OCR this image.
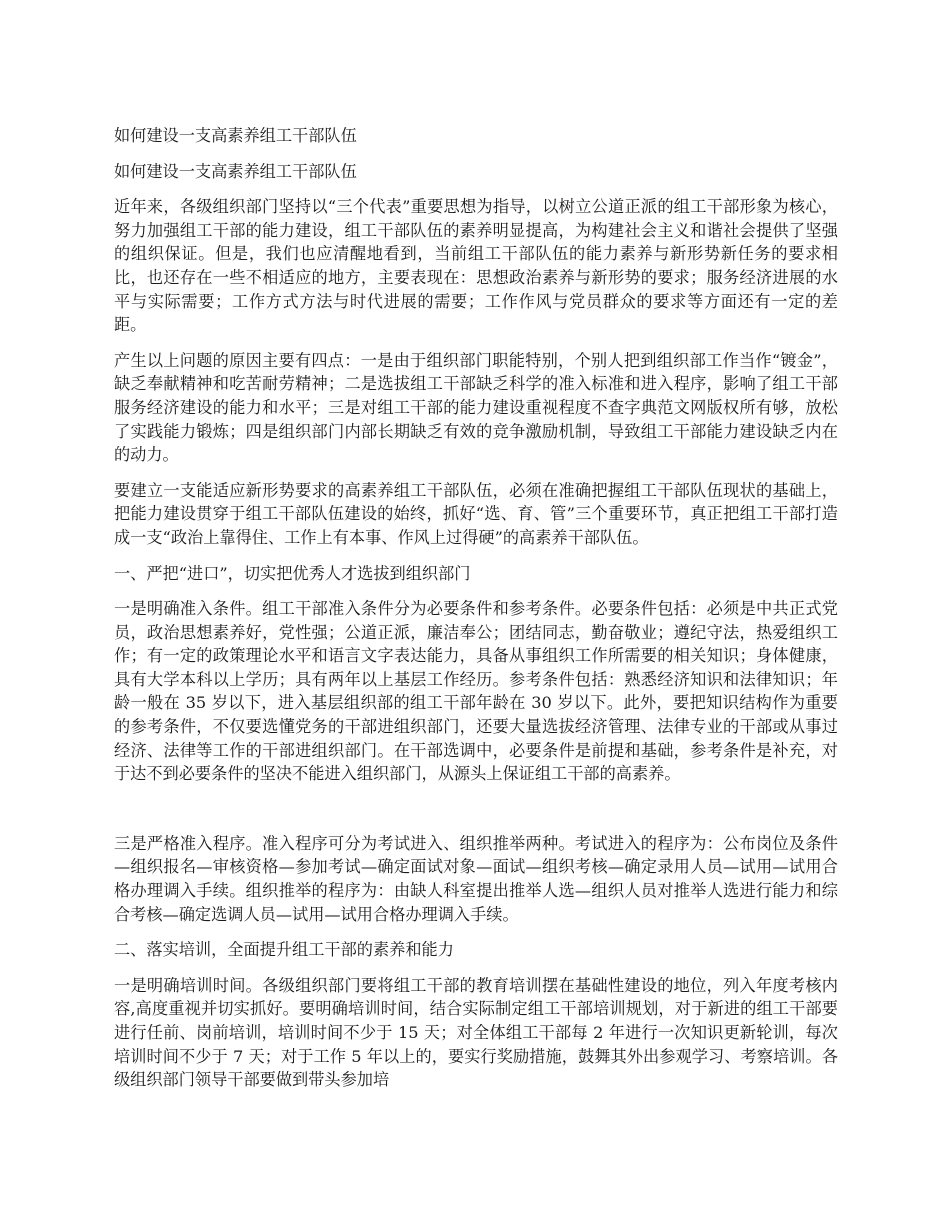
如何建设一支高素养组工干部队伍
如何建设一支高素养组工干部队伍

近年来，各级组织部门坚持以“三个代表”重要思想为指导，以树立公道正派的组工干部形象为核心，努力加强组工干部的能力建设，组工干部队伍的素养明显提高，为构建社会主义和谐社会提供了坚强的组织保证。但是，我们也应清醒地看到，当前组工干部队伍的能力素养与新形势新任务的要求相比，也还存在一些不相适应的地方，主要表现在：思想政治素养与新形势的要求；服务经济进展的水平与实际需要；工作方式方法与时代进展的需要；工作作风与党员群众的要求等方面还有一定的差距。

产生以上问题的原因主要有四点：一是由于组织部门职能特别，个别人把到组织部工作当作“镀金”，缺乏奉献精神和吃苦耐劳精神；二是选拔组工干部缺乏科学的准入标准和进入程序，影响了组工干部服务经济建设的能力和水平；三是对组工干部的能力建设重视程度不查字典范文网版权所有够，放松了实践能力锻炼；四是组织部门内部长期缺乏有效的竞争激励机制，导致组工干部能力建设缺乏内在的动力。

要建立一支能适应新形势要求的高素养组工干部队伍，必须在准确把握组工干部队伍现状的基础上，把能力建设贯穿于组工干部队伍建设的始终，抓好“选、育、管”三个重要环节，真正把组工干部打造成一支“政治上靠得住、工作上有本事、作风上过得硬”的高素养干部队伍。

一、严把“进口”，切实把优秀人才选拔到组织部门

一是明确准入条件。组工干部准入条件分为必要条件和参考条件。必要条件包括：必须是中共正式党员，政治思想素养好，党性强；公道正派，廉洁奉公；团结同志，勤奋敬业；遵纪守法，热爱组织工作；有一定的政策理论水平和语言文字表达能力，具备从事组织工作所需要的相关知识；身体健康，具有大学本科以上学历；具有两年以上基层工作经历。参考条件包括：熟悉经济知识和法律知识；年龄一般在 35 岁以下，进入基层组织部的组工干部年龄在 30 岁以下。此外，要把知识结构作为重要的参考条件，不仅要选懂党务的干部进组织部门，还要大量选拔经济管理、法律专业的干部或从事过经济、法律等工作的干部进组织部门。在干部选调中，必要条件是前提和基础，参考条件是补充，对于达不到必要条件的坚决不能进入组织部门，从源头上保证组工干部的高素养。

三是严格准入程序。准入程序可分为考试进入、组织推举两种。考试进入的程序为：公布岗位及条件—组织报名—审核资格—参加考试—确定面试对象—面试—组织考核—确定录用人员—试用—试用合格办理调入手续。组织推举的程序为：由缺人科室提出推举人选—组织人员对推举人选进行能力和综合考核—确定选调人员—试用—试用合格办理调入手续。

二、落实培训，全面提升组工干部的素养和能力

一是明确培训时间。各级组织部门要将组工干部的教育培训摆在基础性建设的地位，列入年度考核内容,高度重视并切实抓好。要明确培训时间，结合实际制定组工干部培训规划，对于新进的组工干部要进行任前、岗前培训，培训时间不少于 15 天；对全体组工干部每 2 年进行一次知识更新轮训，每次培训时间不少于 7 天；对于工作 5 年以上的，要实行奖励措施，鼓舞其外出参观学习、考察培训。各级组织部门领导干部要做到带头参加培
